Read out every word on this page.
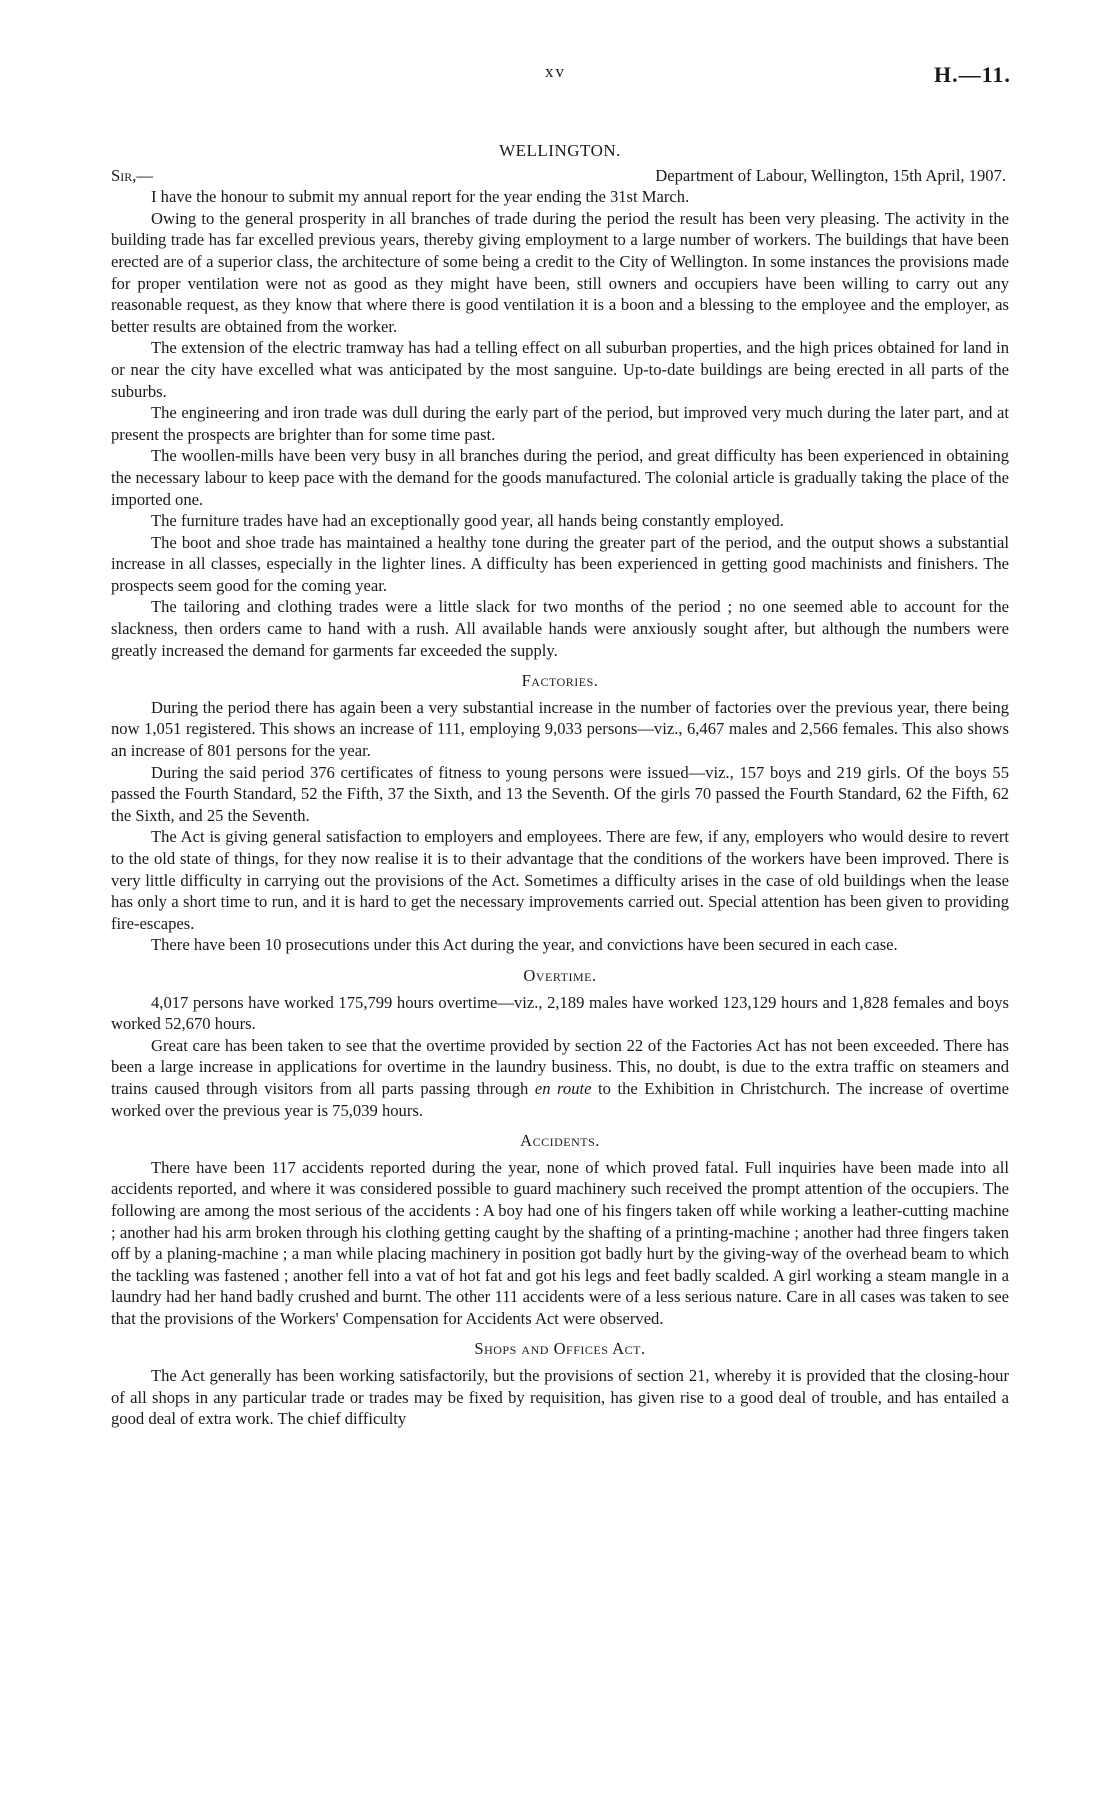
xv	H.—11.

WELLINGTON.

Sir,—	Department of Labour, Wellington, 15th April, 1907.

I have the honour to submit my annual report for the year ending the 31st March.

Owing to the general prosperity in all branches of trade during the period the result has been very pleasing. The activity in the building trade has far excelled previous years, thereby giving employment to a large number of workers. The buildings that have been erected are of a superior class, the architecture of some being a credit to the City of Wellington. In some instances the provisions made for proper ventilation were not as good as they might have been, still owners and occupiers have been willing to carry out any reasonable request, as they know that where there is good ventilation it is a boon and a blessing to the employee and the employer, as better results are obtained from the worker.

The extension of the electric tramway has had a telling effect on all suburban properties, and the high prices obtained for land in or near the city have excelled what was anticipated by the most sanguine. Up-to-date buildings are being erected in all parts of the suburbs.

The engineering and iron trade was dull during the early part of the period, but improved very much during the later part, and at present the prospects are brighter than for some time past.

The woollen-mills have been very busy in all branches during the period, and great difficulty has been experienced in obtaining the necessary labour to keep pace with the demand for the goods manufactured. The colonial article is gradually taking the place of the imported one.

The furniture trades have had an exceptionally good year, all hands being constantly employed.

The boot and shoe trade has maintained a healthy tone during the greater part of the period, and the output shows a substantial increase in all classes, especially in the lighter lines. A difficulty has been experienced in getting good machinists and finishers. The prospects seem good for the coming year.

The tailoring and clothing trades were a little slack for two months of the period ; no one seemed able to account for the slackness, then orders came to hand with a rush. All available hands were anxiously sought after, but although the numbers were greatly increased the demand for garments far exceeded the supply.

Factories.

During the period there has again been a very substantial increase in the number of factories over the previous year, there being now 1,051 registered. This shows an increase of 111, employing 9,033 persons—viz., 6,467 males and 2,566 females. This also shows an increase of 801 persons for the year.

During the said period 376 certificates of fitness to young persons were issued—viz., 157 boys and 219 girls. Of the boys 55 passed the Fourth Standard, 52 the Fifth, 37 the Sixth, and 13 the Seventh. Of the girls 70 passed the Fourth Standard, 62 the Fifth, 62 the Sixth, and 25 the Seventh.

The Act is giving general satisfaction to employers and employees. There are few, if any, employers who would desire to revert to the old state of things, for they now realise it is to their advantage that the conditions of the workers have been improved. There is very little difficulty in carrying out the provisions of the Act. Sometimes a difficulty arises in the case of old buildings when the lease has only a short time to run, and it is hard to get the necessary improvements carried out. Special attention has been given to providing fire-escapes.

There have been 10 prosecutions under this Act during the year, and convictions have been secured in each case.

Overtime.

4,017 persons have worked 175,799 hours overtime—viz., 2,189 males have worked 123,129 hours and 1,828 females and boys worked 52,670 hours.

Great care has been taken to see that the overtime provided by section 22 of the Factories Act has not been exceeded. There has been a large increase in applications for overtime in the laundry business. This, no doubt, is due to the extra traffic on steamers and trains caused through visitors from all parts passing through en route to the Exhibition in Christchurch. The increase of overtime worked over the previous year is 75,039 hours.

Accidents.

There have been 117 accidents reported during the year, none of which proved fatal. Full inquiries have been made into all accidents reported, and where it was considered possible to guard machinery such received the prompt attention of the occupiers. The following are among the most serious of the accidents : A boy had one of his fingers taken off while working a leather-cutting machine ; another had his arm broken through his clothing getting caught by the shafting of a printing-machine ; another had three fingers taken off by a planing-machine ; a man while placing machinery in position got badly hurt by the giving-way of the overhead beam to which the tackling was fastened ; another fell into a vat of hot fat and got his legs and feet badly scalded. A girl working a steam mangle in a laundry had her hand badly crushed and burnt. The other 111 accidents were of a less serious nature. Care in all cases was taken to see that the provisions of the Workers' Compensation for Accidents Act were observed.

Shops and Offices Act.

The Act generally has been working satisfactorily, but the provisions of section 21, whereby it is provided that the closing-hour of all shops in any particular trade or trades may be fixed by requisition, has given rise to a good deal of trouble, and has entailed a good deal of extra work. The chief difficulty
